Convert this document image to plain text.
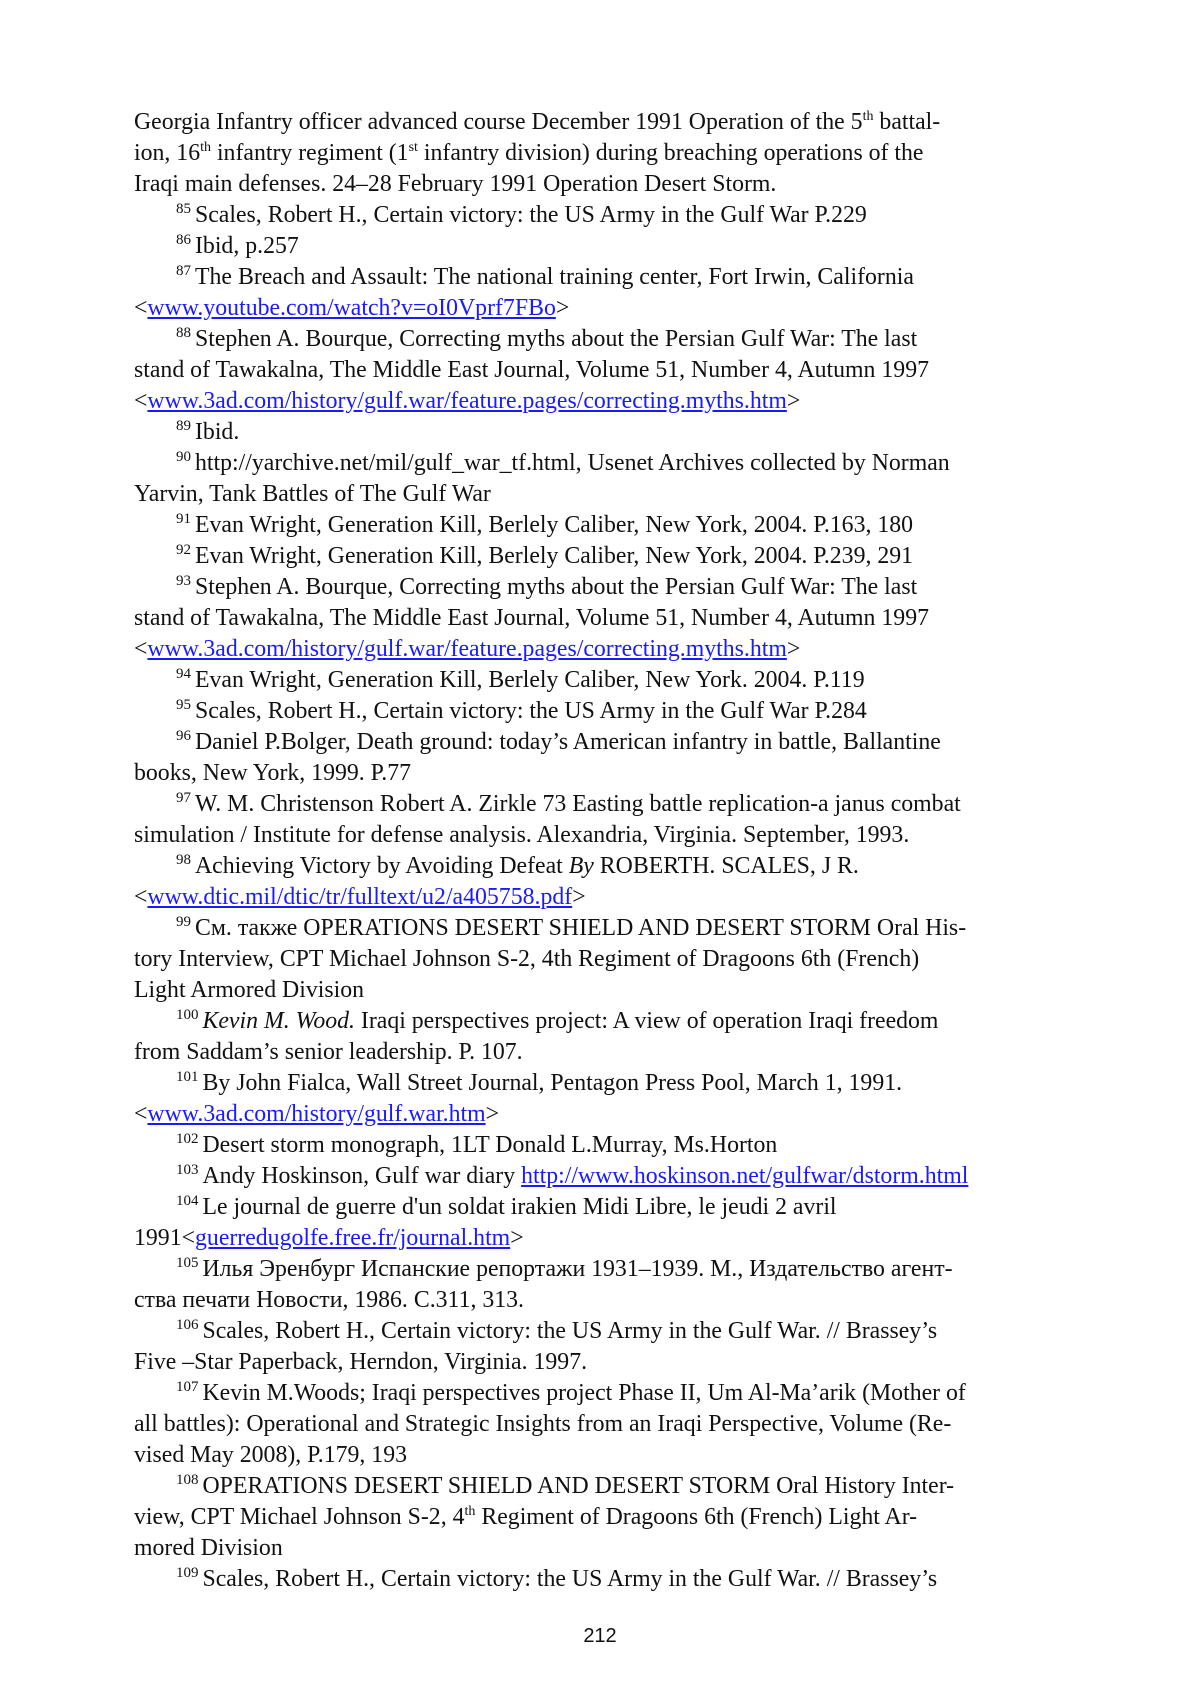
Georgia Infantry officer advanced course December 1991 Operation of the 5th battal-
ion, 16th infantry regiment (1st infantry division) during breaching operations of the
Iraqi main defenses. 24–28 February 1991 Operation Desert Storm.
$^{85}$ Scales, Robert H., Certain victory: the US Army in the Gulf War P.229
$^{86}$ Ibid, p.257
$^{87}$ The Breach and Assault: The national training center, Fort Irwin, California
<www.youtube.com/watch?v=oI0Vprf7FBo>
$^{88}$ Stephen A. Bourque, Correcting myths about the Persian Gulf War: The last
stand of Tawakalna, The Middle East Journal, Volume 51, Number 4, Autumn 1997
<www.3ad.com/history/gulf.war/feature.pages/correcting.myths.htm>
$^{89}$ Ibid.
$^{90}$ http://yarchive.net/mil/gulf_war_tf.html, Usenet Archives collected by Norman
Yarvin, Tank Battles of The Gulf War
$^{91}$ Evan Wright, Generation Kill, Berlely Caliber, New York, 2004. P.163, 180
$^{92}$ Evan Wright, Generation Kill, Berlely Caliber, New York, 2004. P.239, 291
$^{93}$ Stephen A. Bourque, Correcting myths about the Persian Gulf War: The last
stand of Tawakalna, The Middle East Journal, Volume 51, Number 4, Autumn 1997
<www.3ad.com/history/gulf.war/feature.pages/correcting.myths.htm>
$^{94}$ Evan Wright, Generation Kill, Berlely Caliber, New York. 2004. P.119
$^{95}$ Scales, Robert H., Certain victory: the US Army in the Gulf War P.284
$^{96}$ Daniel P.Bolger, Death ground: today’s American infantry in battle, Ballantine
books, New York, 1999. P.77
$^{97}$ W. M. Christenson Robert A. Zirkle 73 Easting battle replication-a janus combat
simulation / Institute for defense analysis. Alexandria, Virginia. September, 1993.
$^{98}$ Achieving Victory by Avoiding Defeat By ROBERTH. SCALES, J R.
<www.dtic.mil/dtic/tr/fulltext/u2/a405758.pdf>
$^{99}$ См. также OPERATIONS DESERT SHIELD AND DESERT STORM Oral His-
tory Interview, CPT Michael Johnson S-2, 4th Regiment of Dragoons 6th (French)
Light Armored Division
$^{100}$ Kevin M. Wood. Iraqi perspectives project: A view of operation Iraqi freedom
from Saddam’s senior leadership. P. 107.
$^{101}$ By John Fialca, Wall Street Journal, Pentagon Press Pool, March 1, 1991.
<www.3ad.com/history/gulf.war.htm>
$^{102}$ Desert storm monograph, 1LT Donald L.Murray, Ms.Horton
$^{103}$ Andy Hoskinson, Gulf war diary http://www.hoskinson.net/gulfwar/dstorm.html
$^{104}$ Le journal de guerre d'un soldat irakien Midi Libre, le jeudi 2 avril
1991<guerredugolfe.free.fr/journal.htm>
$^{105}$ Илья Эренбург Испанские репортажи 1931–1939. М., Издательство агент-
ства печати Новости, 1986. С.311, 313.
$^{106}$ Scales, Robert H., Certain victory: the US Army in the Gulf War. // Brassey’s
Five –Star Paperback, Herndon, Virginia. 1997.
$^{107}$ Kevin M.Woods; Iraqi perspectives project Phase II, Um Al-Ma’arik (Mother of
all battles): Operational and Strategic Insights from an Iraqi Perspective, Volume (Re-
vised May 2008), P.179, 193
$^{108}$ OPERATIONS DESERT SHIELD AND DESERT STORM Oral History Inter-
view, CPT Michael Johnson S-2, 4th Regiment of Dragoons 6th (French) Light Ar-
mored Division
$^{109}$ Scales, Robert H., Certain victory: the US Army in the Gulf War. // Brassey’s
212
